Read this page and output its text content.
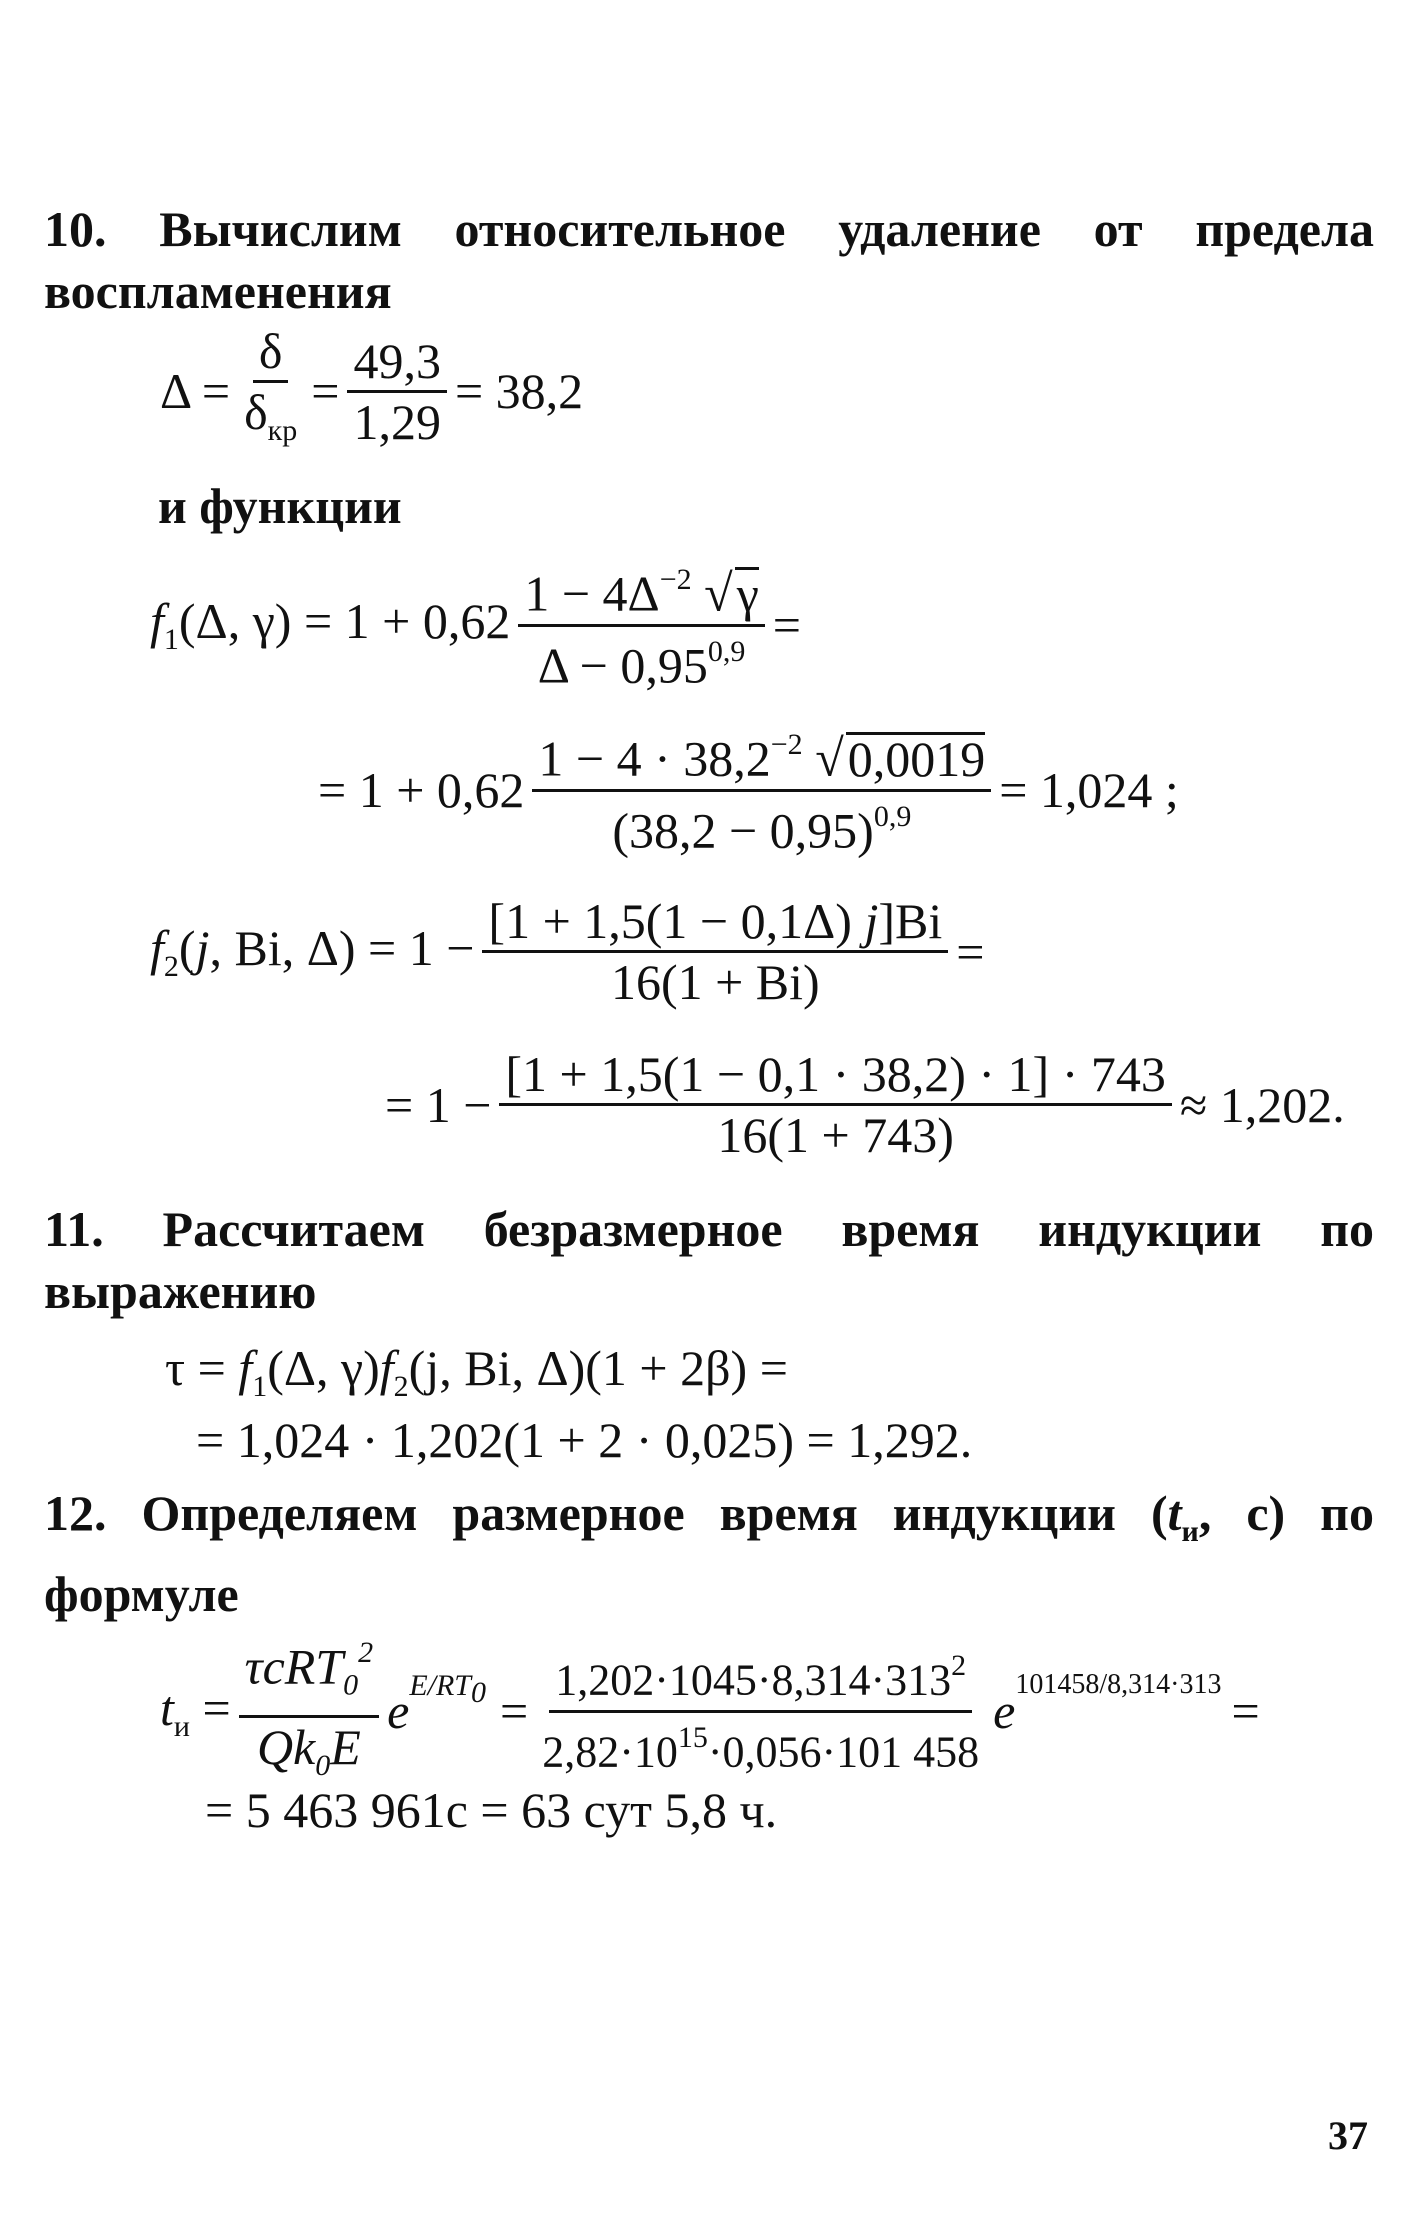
10. Вычислим относительное удаление от предела воспламенения
$\Delta = \frac{\delta}{\delta_{кр}} = \frac{49,3}{1,29} = 38,2$
и функции
$f_1(\Delta$, $\gamma) = 1 + 0,62 \frac{1 - 4\Delta^{-2} √\gamma}{\Delta - 0,95^{0,9}}$ =
= $1 + 0,62 \frac{1 - 4 \cdot 38,2^{-2} √0,0019}{(38,2 - 0,95)^{0,9}} = 1,024$ ;
$f_2(j$, Bi, $\Delta) = 1 - \frac{[1 + 1,5(1 - 0,1\Delta) j]Bi}{16(1 + Bi)}$ =
= $1 - \frac{[1 + 1,5(1 - 0,1 \cdot 38,2) \cdot 1] \cdot 743}{16(1 + 743)} \approx 1,202$.
11. Рассчитаем безразмерное время индукции по выражению
$\tau = f_1(\Delta$, $\gamma)f_2(j$, Bi, Δ)(1 + 2β) =
= 1,024 · 1,202(1 + 2 · 0,025) = 1,292.
12. Определяем размерное время индукции ($t_и$, с) по формуле
$t_и = \frac{\tau cRT_0^2}{Qk_0E} e^{E/RT_0} = \frac{1,202\cdot 1045\cdot 8,314\cdot 313^2}{2,82\cdot 10^{15}\cdot 0,056\cdot 101 458} e^{101458/8,314\cdot 313}$ =
= 5 463 961с = 63 сут 5,8 ч.
37
